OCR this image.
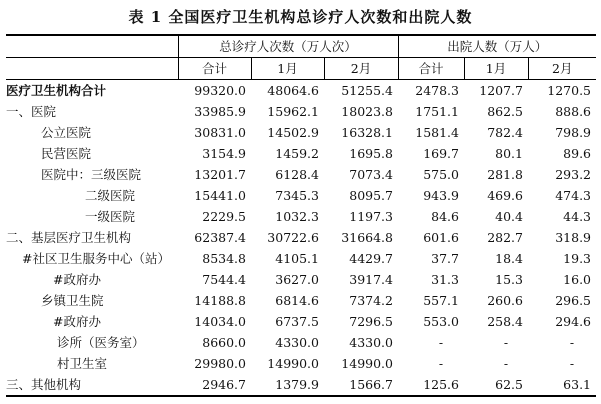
表 1 全国医疗卫生机构总诊疗人次数和出院人数
	总诊疗人次数（万人次）			出院人数（万人）		
	合计	1月	2月	合计	1月	2月
医疗卫生机构合计	99320.0	48064.6	51255.4	2478.3	1207.7	1270.5
一、医院	33985.9	15962.1	18023.8	1751.1	862.5	888.6
公立医院	30831.0	14502.9	16328.1	1581.4	782.4	798.9
民营医院	3154.9	1459.2	1695.8	169.7	80.1	89.6
医院中：三级医院	13201.7	6128.4	7073.4	575.0	281.8	293.2
二级医院	15441.0	7345.3	8095.7	943.9	469.6	474.3
一级医院	2229.5	1032.3	1197.3	84.6	40.4	44.3
二、基层医疗卫生机构	62387.4	30722.6	31664.8	601.6	282.7	318.9
#社区卫生服务中心（站）	8534.8	4105.1	4429.7	37.7	18.4	19.3
#政府办	7544.4	3627.0	3917.4	31.3	15.3	16.0
乡镇卫生院	14188.8	6814.6	7374.2	557.1	260.6	296.5
#政府办	14034.0	6737.5	7296.5	553.0	258.4	294.6
诊所（医务室）	8660.0	4330.0	4330.0	-	-	-
村卫生室	29980.0	14990.0	14990.0	-	-	-
三、其他机构	2946.7	1379.9	1566.7	125.6	62.5	63.1
